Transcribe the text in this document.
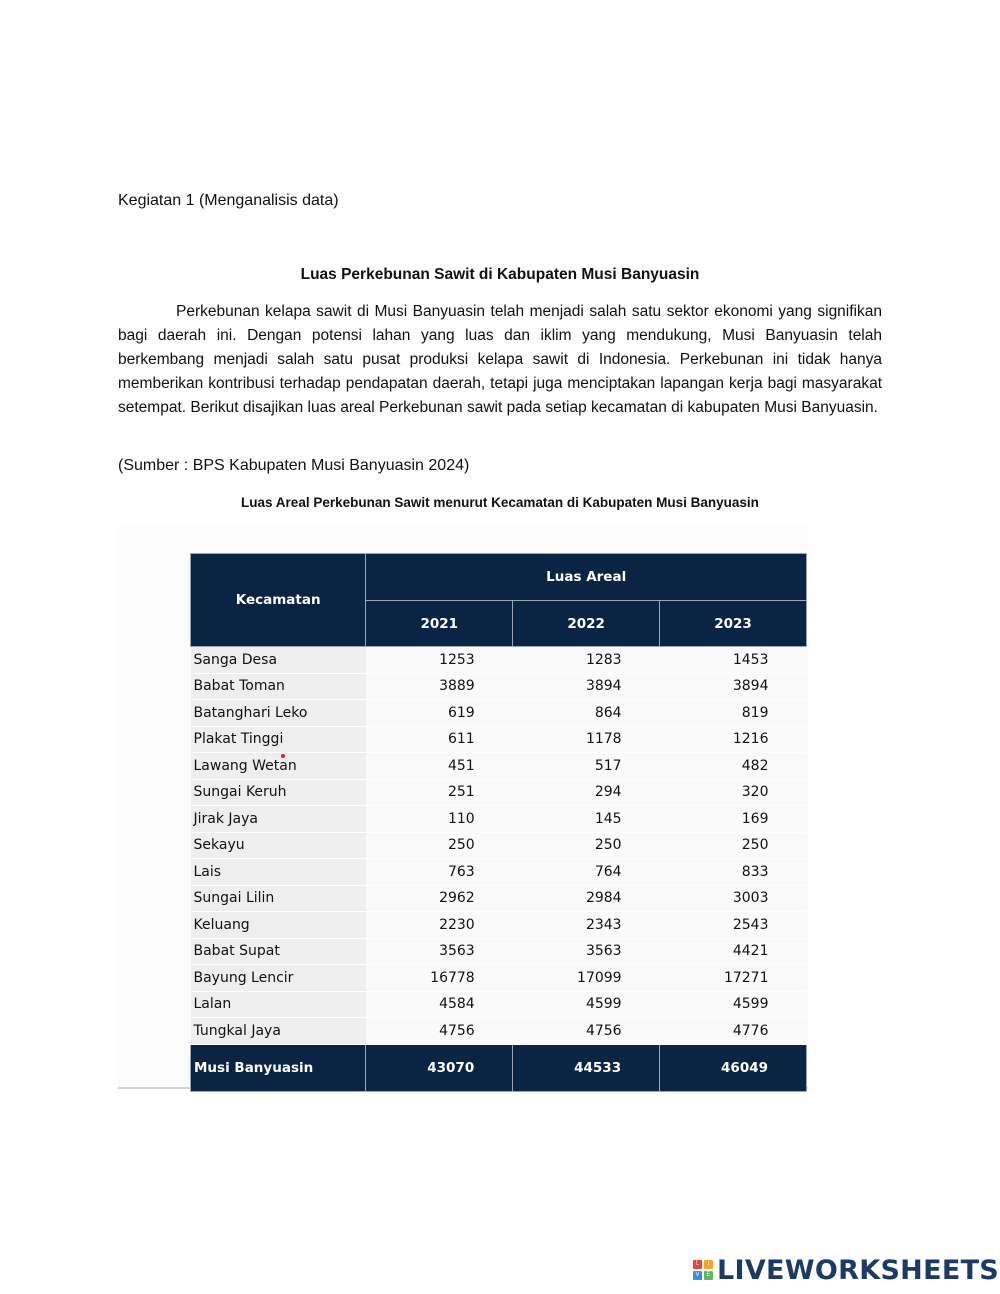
Kegiatan 1 (Menganalisis data)
Luas Perkebunan Sawit di Kabupaten Musi Banyuasin

Perkebunan kelapa sawit di Musi Banyuasin telah menjadi salah satu sektor ekonomi yang signifikan bagi daerah ini. Dengan potensi lahan yang luas dan iklim yang mendukung, Musi Banyuasin telah berkembang menjadi salah satu pusat produksi kelapa sawit di Indonesia. Perkebunan ini tidak hanya memberikan kontribusi terhadap pendapatan daerah, tetapi juga menciptakan lapangan kerja bagi masyarakat setempat. Berikut disajikan luas areal Perkebunan sawit pada setiap kecamatan di kabupaten Musi Banyuasin.

(Sumber : BPS Kabupaten Musi Banyuasin 2024)
Luas Areal Perkebunan Sawit menurut Kecamatan di Kabupaten Musi Banyuasin
Kecamatan	Luas Areal		
	2021	2022	2023
Sanga Desa	1253	1283	1453
Babat Toman	3889	3894	3894
Batanghari Leko	619	864	819
Plakat Tinggi	611	1178	1216
Lawang Wetan	451	517	482
Sungai Keruh	251	294	320
Jirak Jaya	110	145	169
Sekayu	250	250	250
Lais	763	764	833
Sungai Lilin	2962	2984	3003
Keluang	2230	2343	2543
Babat Supat	3563	3563	4421
Bayung Lencir	16778	17099	17271
Lalan	4584	4599	4599
Tungkal Jaya	4756	4756	4776
Musi Banyuasin	43070	44533	46049
L	I
V	E LIVEWORKSHEETS
